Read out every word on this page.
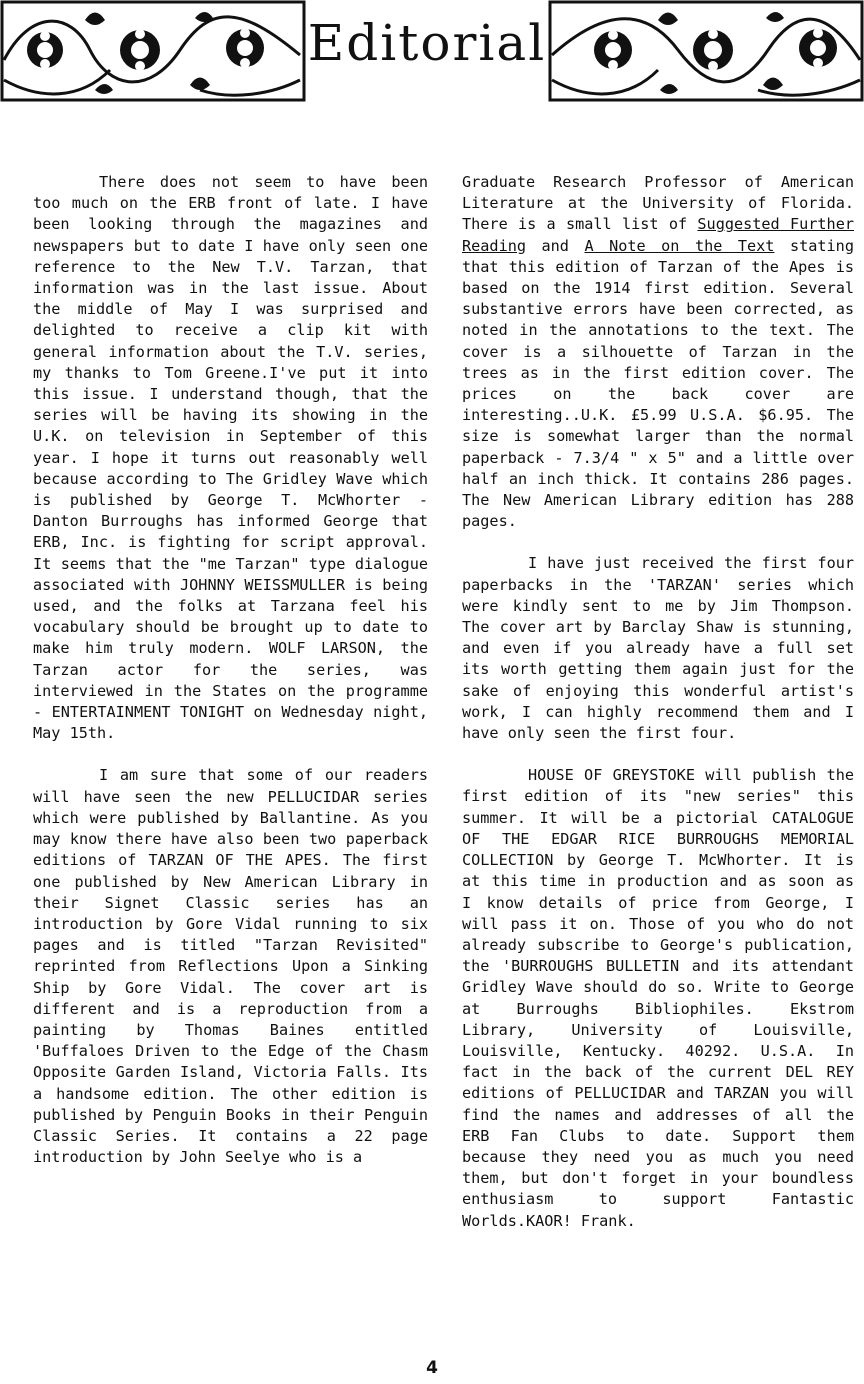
Editorial

There does not seem to have been too much on the ERB front of late. I have been looking through the magazines and newspapers but to date I have only seen one reference to the New T.V. Tarzan, that information was in the last issue. About the middle of May I was surprised and delighted to receive a clip kit with general information about the T.V. series, my thanks to Tom Greene.I've put it into this issue. I understand though, that the series will be having its showing in the U.K. on television in September of this year. I hope it turns out reasonably well because according to The Gridley Wave which is published by George T. McWhorter - Danton Burroughs has informed George that ERB, Inc. is fighting for script approval. It seems that the "me Tarzan" type dialogue associated with JOHNNY WEISSMULLER is being used, and the folks at Tarzana feel his vocabulary should be brought up to date to make him truly modern. WOLF LARSON, the Tarzan actor for the series, was interviewed in the States on the programme - ENTERTAINMENT TONIGHT on Wednesday night, May 15th.

I am sure that some of our readers will have seen the new PELLUCIDAR series which were published by Ballantine. As you may know there have also been two paperback editions of TARZAN OF THE APES. The first one published by New American Library in their Signet Classic series has an introduction by Gore Vidal running to six pages and is titled "Tarzan Revisited" reprinted from Reflections Upon a Sinking Ship by Gore Vidal. The cover art is different and is a reproduction from a painting by Thomas Baines entitled 'Buffaloes Driven to the Edge of the Chasm Opposite Garden Island, Victoria Falls. Its a handsome edition. The other edition is published by Penguin Books in their Penguin Classic Series. It contains a 22 page introduction by John Seelye who is a

Graduate Research Professor of American Literature at the University of Florida. There is a small list of Suggested Further Reading and A Note on the Text stating that this edition of Tarzan of the Apes is based on the 1914 first edition. Several substantive errors have been corrected, as noted in the annotations to the text. The cover is a silhouette of Tarzan in the trees as in the first edition cover. The prices on the back cover are interesting..U.K. £5.99 U.S.A. $6.95. The size is somewhat larger than the normal paperback - 7.3/4 " x 5" and a little over half an inch thick. It contains 286 pages. The New American Library edition has 288 pages.

I have just received the first four paperbacks in the 'TARZAN' series which were kindly sent to me by Jim Thompson. The cover art by Barclay Shaw is stunning, and even if you already have a full set its worth getting them again just for the sake of enjoying this wonderful artist's work, I can highly recommend them and I have only seen the first four.

HOUSE OF GREYSTOKE will publish the first edition of its "new series" this summer. It will be a pictorial CATALOGUE OF THE EDGAR RICE BURROUGHS MEMORIAL COLLECTION by George T. McWhorter. It is at this time in production and as soon as I know details of price from George, I will pass it on. Those of you who do not already subscribe to George's publication, the 'BURROUGHS BULLETIN and its attendant Gridley Wave should do so. Write to George at Burroughs Bibliophiles. Ekstrom Library, University of Louisville, Louisville, Kentucky. 40292. U.S.A. In fact in the back of the current DEL REY editions of PELLUCIDAR and TARZAN you will find the names and addresses of all the ERB Fan Clubs to date. Support them because they need you as much you need them, but don't forget in your boundless enthusiasm to support Fantastic Worlds.KAOR! Frank.

4
